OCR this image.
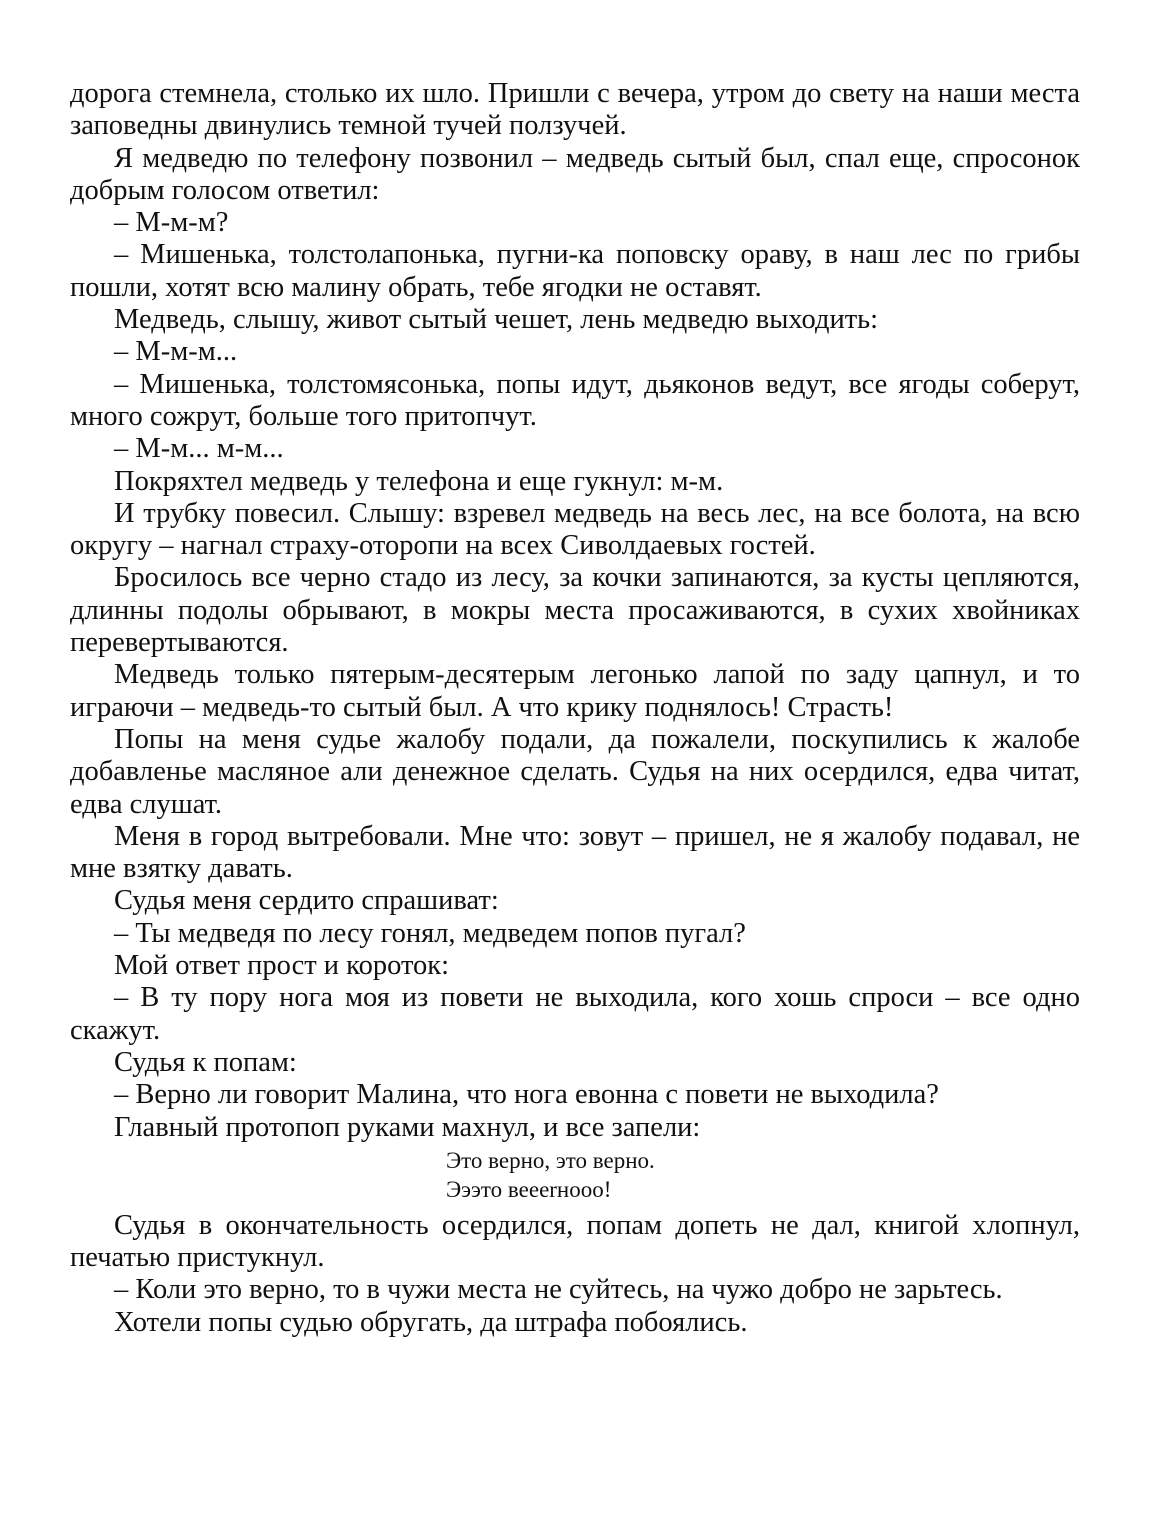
дорога стемнела, столько их шло. Пришли с вечера, утром до свету на наши места заповедны двинулись темной тучей ползучей.

Я медведю по телефону позвонил – медведь сытый был, спал еще, спросонок добрым голосом ответил:

– М-м-м?

– Мишенька, толстолапонька, пугни-ка поповску ораву, в наш лес по грибы пошли, хотят всю малину обрать, тебе ягодки не оставят.

Медведь, слышу, живот сытый чешет, лень медведю выходить:

– М-м-м...

– Мишенька, толстомясонька, попы идут, дьяконов ведут, все ягоды соберут, много сожрут, больше того притопчут.

– М-м... м-м...

Покряхтел медведь у телефона и еще гукнул: м-м.

И трубку повесил. Слышу: взревел медведь на весь лес, на все болота, на всю округу – нагнал страху-оторопи на всех Сиволдаевых гостей.

Бросилось все черно стадо из лесу, за кочки запинаются, за кусты цепляются, длинны подолы обрывают, в мокры места просаживаются, в сухих хвойниках перевертываются.

Медведь только пятерым-десятерым легонько лапой по заду цапнул, и то играючи – медведь-то сытый был. А что крику поднялось! Страсть!

Попы на меня судье жалобу подали, да пожалели, поскупились к жалобе добавленье масляное али денежное сделать. Судья на них осердился, едва читат, едва слушат.

Меня в город вытребовали. Мне что: зовут – пришел, не я жалобу подавал, не мне взятку давать.

Судья меня сердито спрашиват:

– Ты медведя по лесу гонял, медведем попов пугал?

Мой ответ прост и короток:

– В ту пору нога моя из повети не выходила, кого хошь спроси – все одно скажут.

Судья к попам:

– Верно ли говорит Малина, что нога евонна с повети не выходила?

Главный протопоп руками махнул, и все запели:

Это верно, это верно.
Эээто веееrнооо!

Судья в окончательность осердился, попам допеть не дал, книгой хлопнул, печатью пристукнул.

– Коли это верно, то в чужи места не суйтесь, на чужо добро не зарьтесь.

Хотели попы судью обругать, да штрафа побоялись.
